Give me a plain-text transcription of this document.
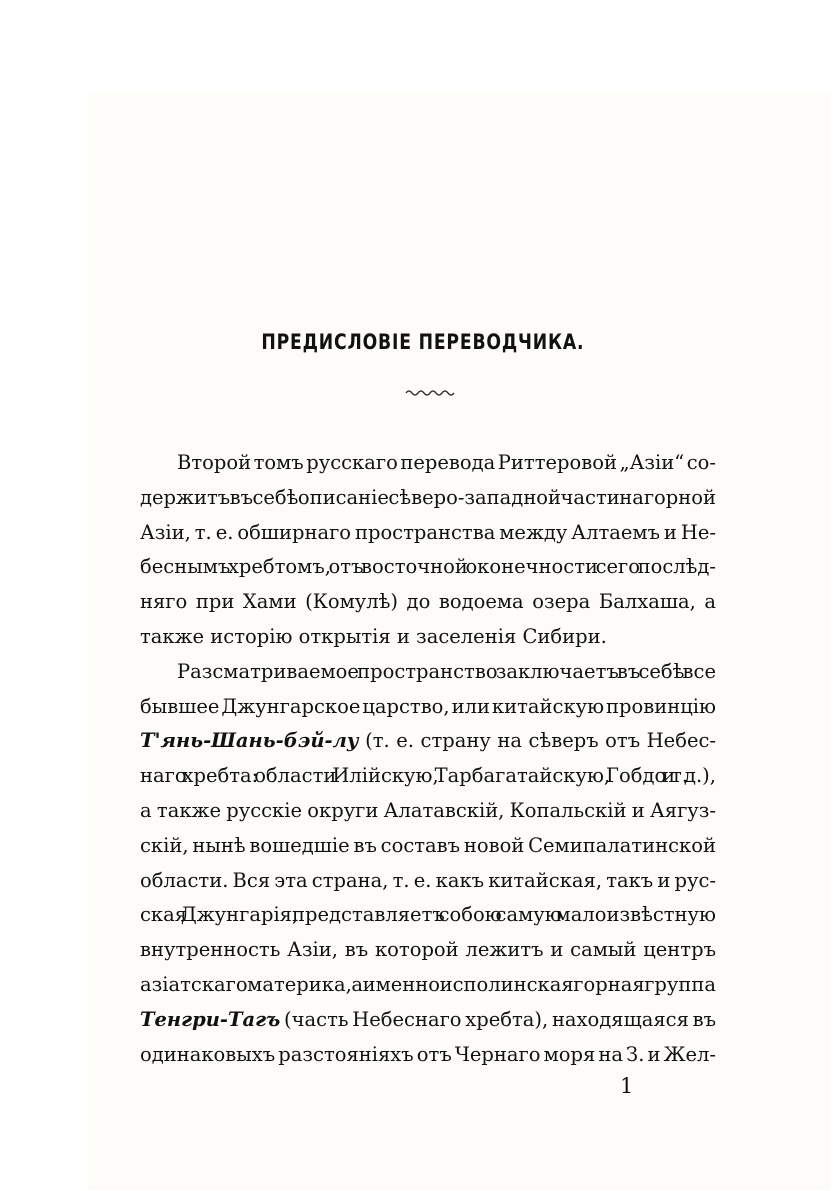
ПРЕДИСЛОВІЕ ПЕРЕВОДЧИКА.
Второй томъ русскаго перевода Риттеровой „Азіи“ со-
держитъ въ себѣ описаніе сѣверо-западной части нагорной
Азіи, т. е. обширнаго пространства между Алтаемъ и Не-
беснымъ хребтомъ, отъ восточной оконечности сего послѣд-
няго при Хами (Комулѣ) до водоема озера Балхаша, а
также исторію открытія и заселенія Сибири.
Разсматриваемое пространство заключаетъ въ себѣ все
бывшее Джунгарское царство, или китайскую провинцію
Т'янь-Шань-бэй-лу (т. е. страну на сѣверъ отъ Небес-
наго хребта: области Илійскую, Тарбагатайскую, Гобдо и т. д.),
а также русскіе округи Алатавскій, Копальскій и Аягуз-
скій, нынѣ вошедшіе въ составъ новой Семипалатинской
области. Вся эта страна, т. е. какъ китайская, такъ и рус-
ская Джунгарія, представляетъ собою самую малоизвѣстную
внутренность Азіи, въ которой лежитъ и самый центръ
азіатскаго материка, а именно исполинская горная группа
Тенгри-Тагъ (часть Небеснаго хребта), находящаяся въ
одинаковыхъ разстояніяхъ отъ Чернаго моря на З. и Жел-
1
